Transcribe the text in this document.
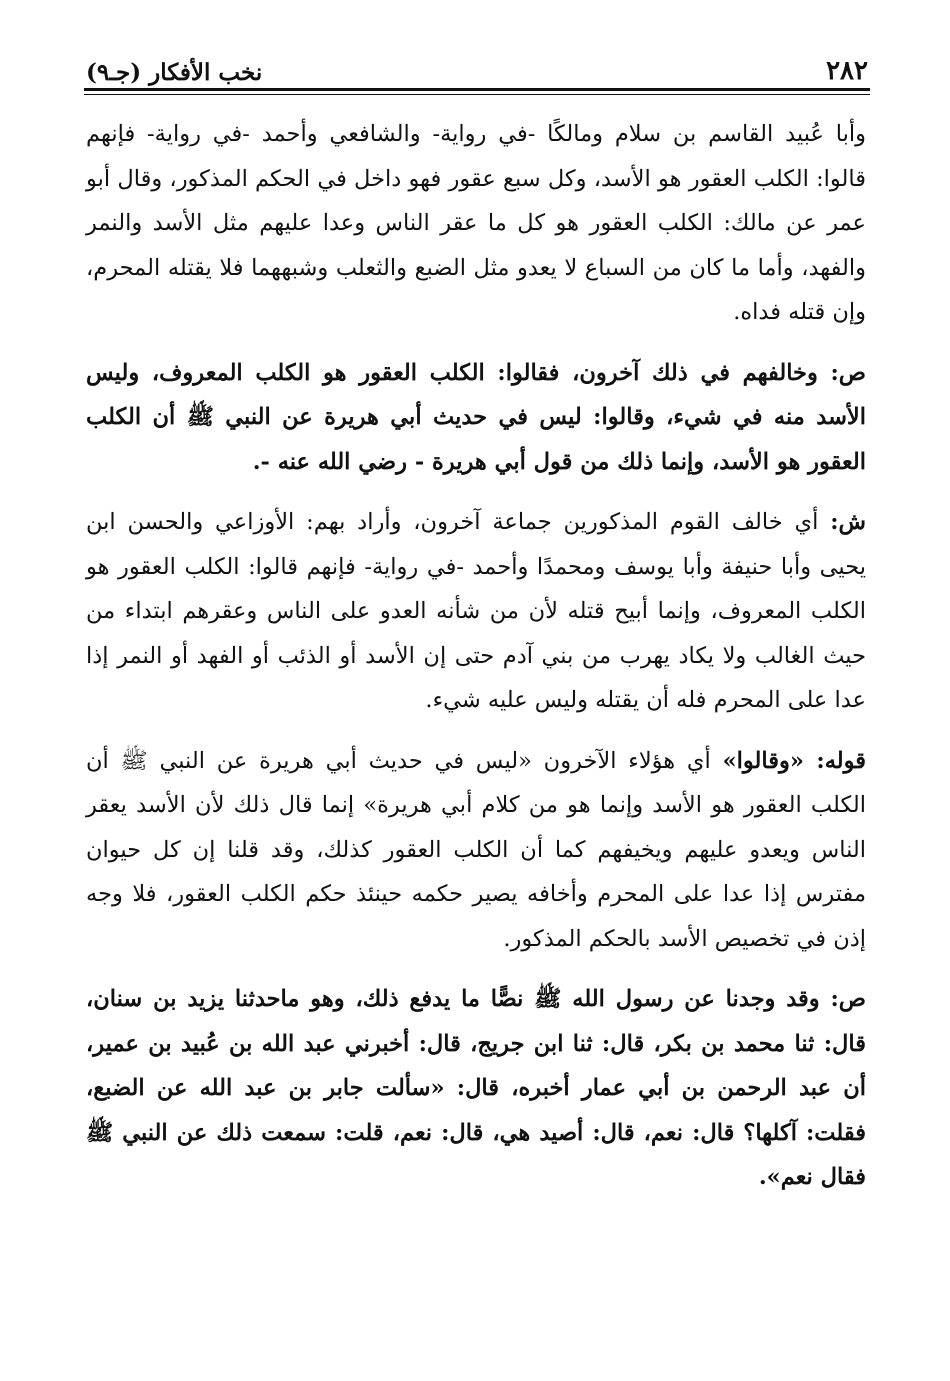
٢٨٢
نخب الأفكار (جـ٩)

وأبا عُبيد القاسم بن سلام ومالكًا -في رواية- والشافعي وأحمد -في رواية- فإنهم قالوا: الكلب العقور هو الأسد، وكل سبع عقور فهو داخل في الحكم المذكور، وقال أبو عمر عن مالك: الكلب العقور هو كل ما عقر الناس وعدا عليهم مثل الأسد والنمر والفهد، وأما ما كان من السباع لا يعدو مثل الضبع والثعلب وشبههما فلا يقتله المحرم، وإن قتله فداه.

ص: وخالفهم في ذلك آخرون، فقالوا: الكلب العقور هو الكلب المعروف، وليس الأسد منه في شيء، وقالوا: ليس في حديث أبي هريرة عن النبي ﷺ أن الكلب العقور هو الأسد، وإنما ذلك من قول أبي هريرة - رضي الله عنه -.

ش: أي خالف القوم المذكورين جماعة آخرون، وأراد بهم: الأوزاعي والحسن ابن يحيى وأبا حنيفة وأبا يوسف ومحمدًا وأحمد -في رواية- فإنهم قالوا: الكلب العقور هو الكلب المعروف، وإنما أبيح قتله لأن من شأنه العدو على الناس وعقرهم ابتداء من حيث الغالب ولا يكاد يهرب من بني آدم حتى إن الأسد أو الذئب أو الفهد أو النمر إذا عدا على المحرم فله أن يقتله وليس عليه شيء.

قوله: «وقالوا» أي هؤلاء الآخرون «ليس في حديث أبي هريرة عن النبي ﷺ أن الكلب العقور هو الأسد وإنما هو من كلام أبي هريرة» إنما قال ذلك لأن الأسد يعقر الناس ويعدو عليهم ويخيفهم كما أن الكلب العقور كذلك، وقد قلنا إن كل حيوان مفترس إذا عدا على المحرم وأخافه يصير حكمه حينئذ حكم الكلب العقور، فلا وجه إذن في تخصيص الأسد بالحكم المذكور.

ص: وقد وجدنا عن رسول الله ﷺ نصًّا ما يدفع ذلك، وهو ماحدثنا يزيد بن سنان، قال: ثنا محمد بن بكر، قال: ثنا ابن جريج، قال: أخبرني عبد الله بن عُبيد بن عمير، أن عبد الرحمن بن أبي عمار أخبره، قال: «سألت جابر بن عبد الله عن الضبع، فقلت: آكلها؟ قال: نعم، قال: أصيد هي، قال: نعم، قلت: سمعت ذلك عن النبي ﷺ فقال نعم».
